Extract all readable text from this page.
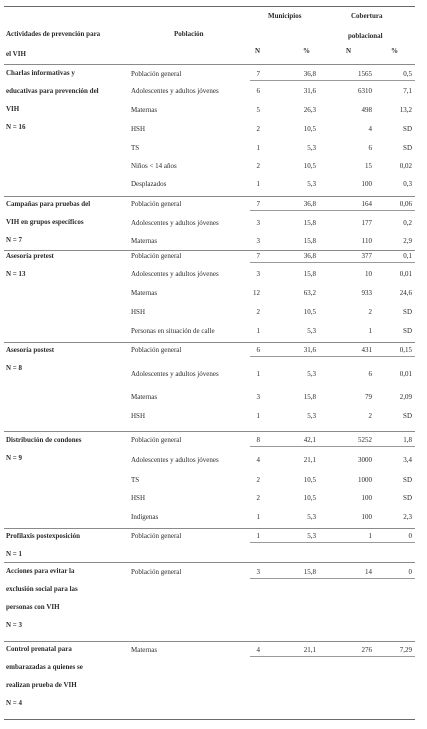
Actividades de prevención para
el VIH
Población
Municipios	Cobertura
poblacional
N	%	N	%
Charlas informativas y
educativas para prevención del
VIH
N = 16
Población general	7	36,8	1565	0,5
Adolescentes y adultos jóvenes	6	31,6	6310	7,1
Maternas	5	26,3	498	13,2
HSH	2	10,5	4	SD
TS	1	5,3	6	SD
Niños < 14 años	2	10,5	15	0,02
Desplazados	1	5,3	100	0,3
Campañas para pruebas del
VIH en grupos específicos
N = 7
Población general	7	36,8	164	0,06
Adolescentes y adultos jóvenes	3	15,8	177	0,2
Maternas	3	15,8	110	2,9
Asesoría pretest
N = 13
Población general	7	36,8	377	0,1
Adolescentes y adultos jóvenes	3	15,8	10	0,01
Maternas	12	63,2	933	24,6
HSH	2	10,5	2	SD
Personas en situación de calle	1	5,3	1	SD
Asesoría postest
N = 8
Población general	6	31,6	431	0,15
Adolescentes y adultos jóvenes	1	5,3	6	0,01
Maternas	3	15,8	79	2,09
HSH	1	5,3	2	SD
Distribución de condones
N = 9
Población general	8	42,1	5252	1,8
Adolescentes y adultos jóvenes	4	21,1	3000	3,4
TS	2	10,5	1000	SD
HSH	2	10,5	100	SD
Indígenas	1	5,3	100	2,3
Profilaxis postexposición
N = 1
Población general	1	5,3	1	0
Acciones para evitar la
exclusión social para las
personas con VIH
N = 3
Población general	3	15,8	14	0
Control prenatal para
embarazadas a quienes se
realizan prueba de VIH
N = 4
Maternas	4	21,1	276	7,29
